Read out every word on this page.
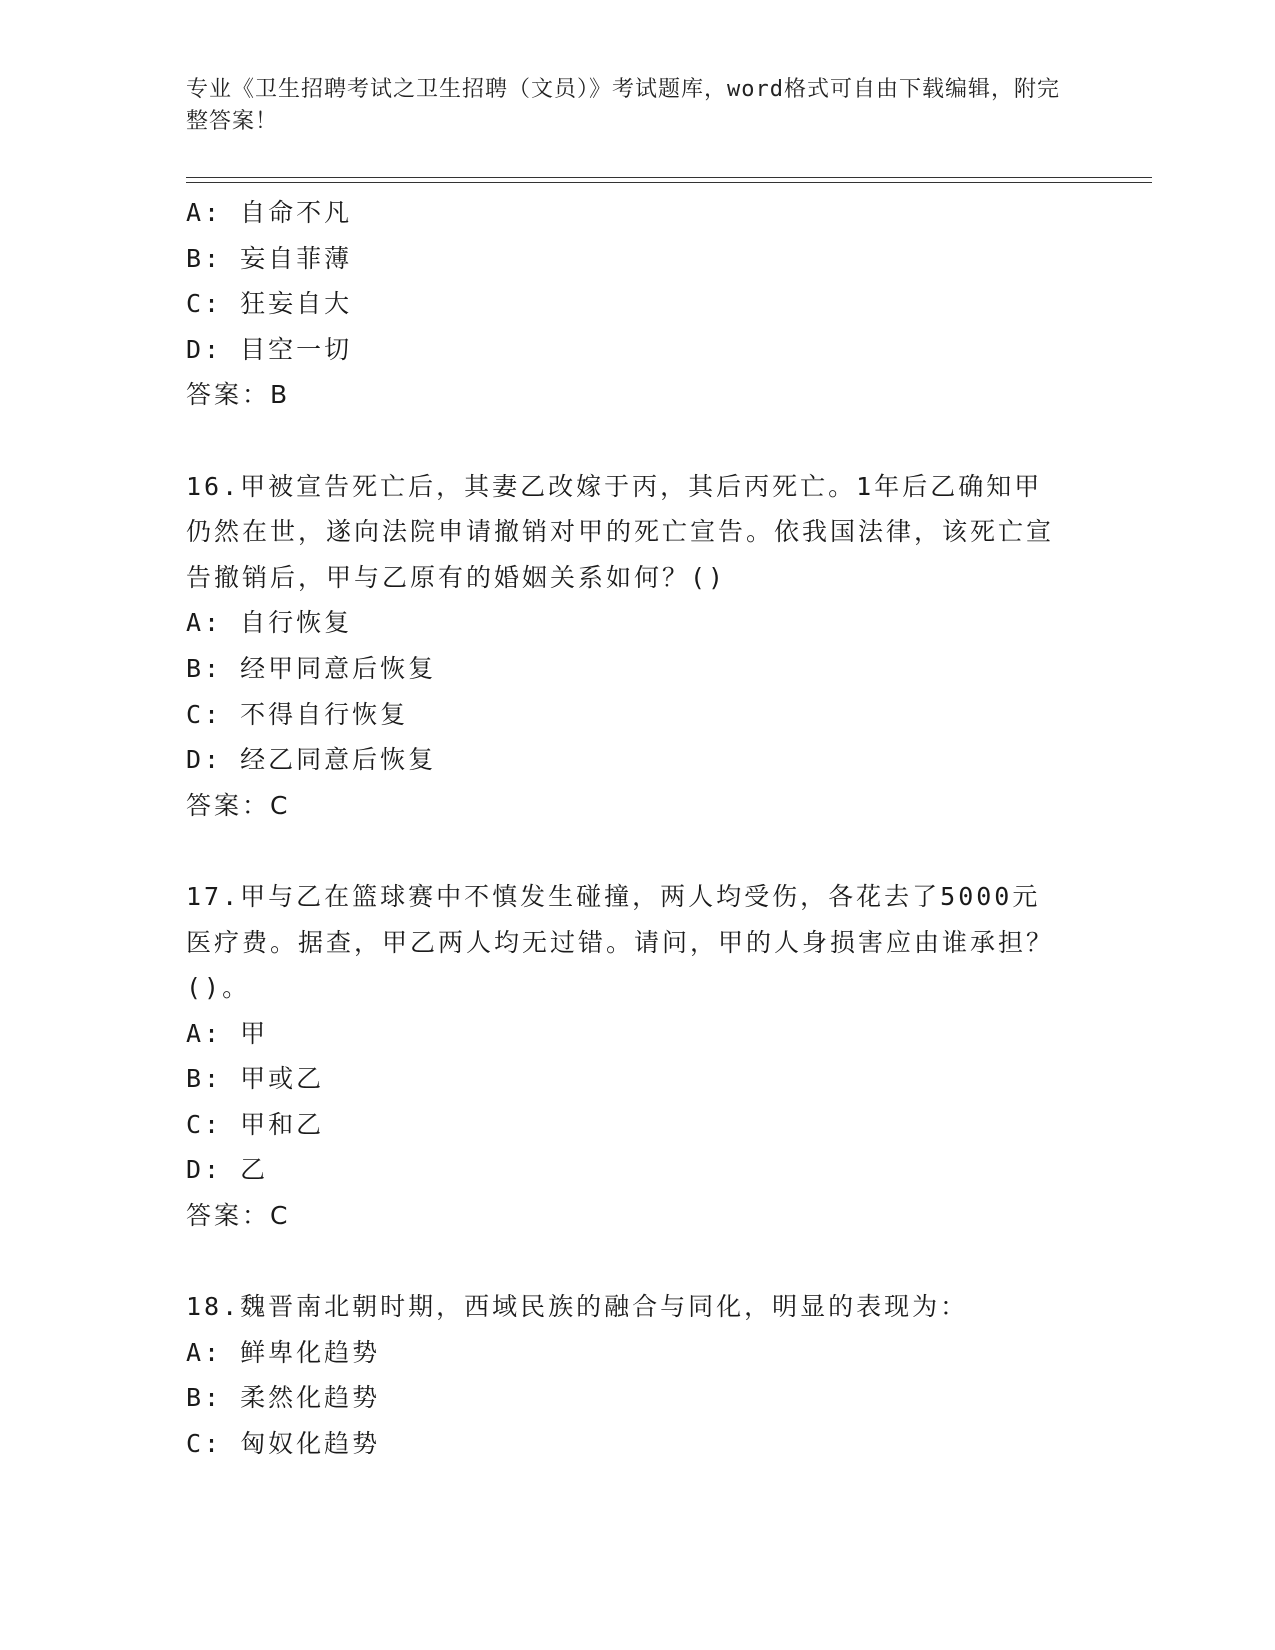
专业《卫生招聘考试之卫生招聘（文员）》考试题库，word格式可自由下载编辑，附完整答案！
A: 自命不凡
B: 妄自菲薄
C: 狂妄自大
D: 目空一切
答案：B
16.甲被宣告死亡后，其妻乙改嫁于丙，其后丙死亡。1年后乙确知甲仍然在世，遂向法院申请撤销对甲的死亡宣告。依我国法律，该死亡宣告撤销后，甲与乙原有的婚姻关系如何？()
A: 自行恢复
B: 经甲同意后恢复
C: 不得自行恢复
D: 经乙同意后恢复
答案：C
17.甲与乙在篮球赛中不慎发生碰撞，两人均受伤，各花去了5000元医疗费。据查，甲乙两人均无过错。请问，甲的人身损害应由谁承担？()。
A: 甲
B: 甲或乙
C: 甲和乙
D: 乙
答案：C
18.魏晋南北朝时期，西域民族的融合与同化，明显的表现为：
A: 鲜卑化趋势
B: 柔然化趋势
C: 匈奴化趋势
